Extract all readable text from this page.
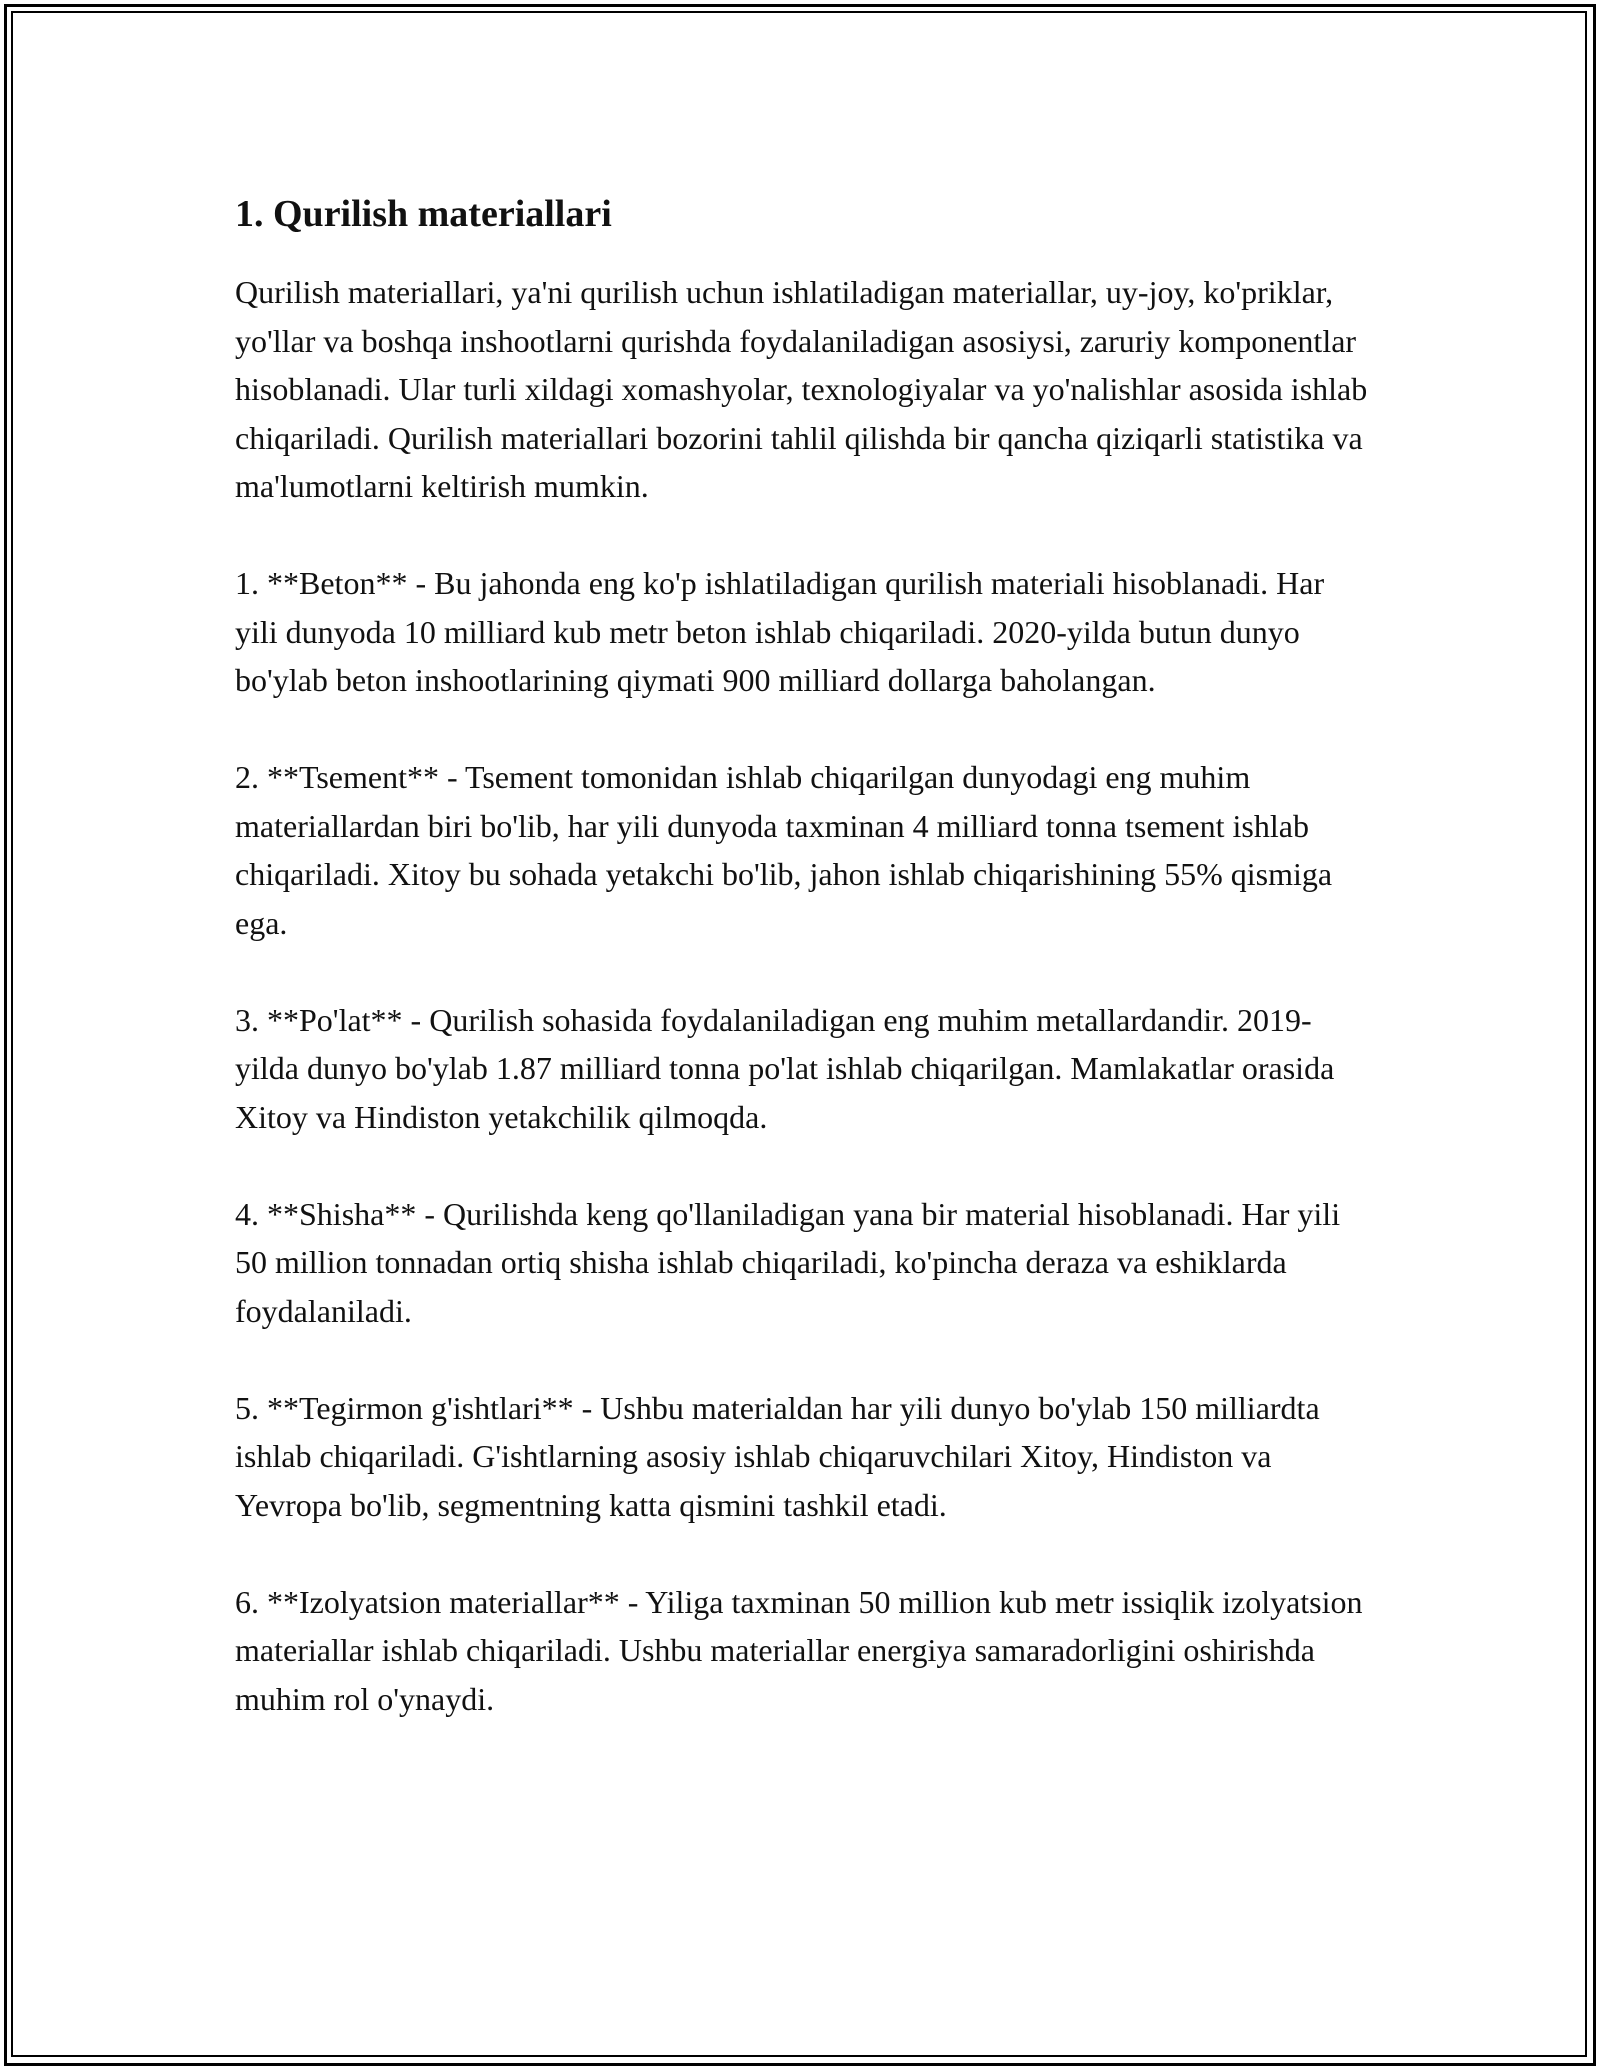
1. Qurilish materiallari

Qurilish materiallari, ya'ni qurilish uchun ishlatiladigan materiallar, uy-joy, ko'priklar, yo'llar va boshqa inshootlarni qurishda foydalaniladigan asosiysi, zaruriy komponentlar hisoblanadi. Ular turli xildagi xomashyolar, texnologiyalar va yo'nalishlar asosida ishlab chiqariladi. Qurilish materiallari bozorini tahlil qilishda bir qancha qiziqarli statistika va ma'lumotlarni keltirish mumkin.

1. **Beton** - Bu jahonda eng ko'p ishlatiladigan qurilish materiali hisoblanadi. Har yili dunyoda 10 milliard kub metr beton ishlab chiqariladi. 2020-yilda butun dunyo bo'ylab beton inshootlarining qiymati 900 milliard dollarga baholangan.

2. **Tsement** - Tsement tomonidan ishlab chiqarilgan dunyodagi eng muhim materiallardan biri bo'lib, har yili dunyoda taxminan 4 milliard tonna tsement ishlab chiqariladi. Xitoy bu sohada yetakchi bo'lib, jahon ishlab chiqarishining 55% qismiga ega.

3. **Po'lat** - Qurilish sohasida foydalaniladigan eng muhim metallardandir. 2019-yilda dunyo bo'ylab 1.87 milliard tonna po'lat ishlab chiqarilgan. Mamlakatlar orasida Xitoy va Hindiston yetakchilik qilmoqda.

4. **Shisha** - Qurilishda keng qo'llaniladigan yana bir material hisoblanadi. Har yili 50 million tonnadan ortiq shisha ishlab chiqariladi, ko'pincha deraza va eshiklarda foydalaniladi.

5. **Tegirmon g'ishtlari** - Ushbu materialdan har yili dunyo bo'ylab 150 milliardta ishlab chiqariladi. G'ishtlarning asosiy ishlab chiqaruvchilari Xitoy, Hindiston va Yevropa bo'lib, segmentning katta qismini tashkil etadi.

6. **Izolyatsion materiallar** - Yiliga taxminan 50 million kub metr issiqlik izolyatsion materiallar ishlab chiqariladi. Ushbu materiallar energiya samaradorligini oshirishda muhim rol o'ynaydi.
